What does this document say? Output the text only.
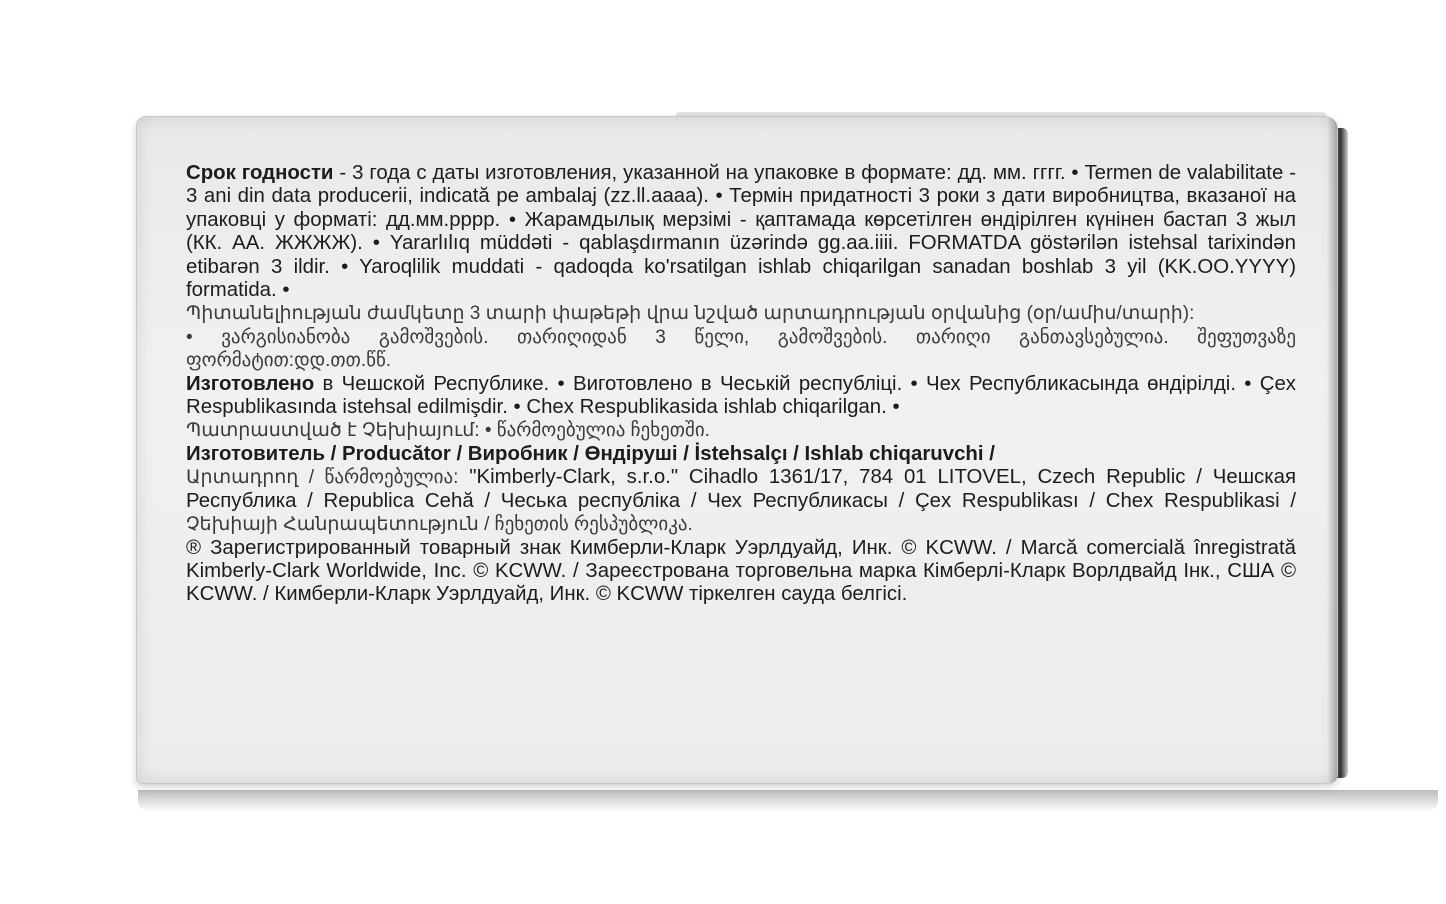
Срок годности - 3 года с даты изготовления, указанной на упаковке в формате: дд. мм. гггг. • Termen de valabilitate - 3 ani din data producerii, indicată pe ambalaj (zz.ll.aaaa). • Термін придатності 3 роки з дати виробництва, вказаної на упаковці у форматі: дд.мм.рррр. • Жарамдылық мерзімі - қаптамада көрсетілген өндірілген күнінен бастап 3 жыл (КК. АА. ЖЖЖЖ). • Yararlılıq müddəti - qablaşdırmanın üzərində gg.aa.iiii. FORMATDA göstərilən istehsal tarixindən etibarən 3 ildir. • Yaroqlilik muddati - qadoqda ko'rsatilgan ishlab chiqarilgan sanadan boshlab 3 yil (KK.OO.YYYY) formatida. •

Պիտանելիության ժամկետը 3 տարի փաթեթի վրա նշված արտադրության օրվանից (օր/ամիս/տարի):

• ვარგისიანობა გამოშვების. თარიღიდან 3 წელი, გამოშვების. თარიღი განთავსებულია. შეფუთვაზე ფორმატით:დდ.თთ.წწ.

Изготовлено в Чешской Республике. • Виготовлено в Чеській республіці. • Чех Республикасында өндірілді. • Çex Respublikasında istehsal edilmişdir. • Chex Respublikasida ishlab chiqarilgan. •

Պատրաստված է Չեխիայում: • წარმოებულია ჩეხეთში.

Изготовитель / Producător / Виробник / Өндіруші / İstehsalçı / Ishlab chiqaruvchi /

Արտադրող / წარმოებულია: "Kimberly-Clark, s.r.o." Cihadlo 1361/17, 784 01 LITOVEL, Czech Republic / Чешская Республика / Republica Cehă / Чеська республіка / Чех Республикасы / Çex Respublikası / Chex Respublikasi / Չեխիայի Հանրապետություն / ჩეხეთის რესპუბლიკა.

® Зарегистрированный товарный знак Кимберли-Кларк Уэрлдуайд, Инк. © KCWW. / Marcă comercială înregistrată Kimberly-Clark Worldwide, Inc. © KCWW. / Зареєстрована торговельна марка Кімберлі-Кларк Ворлдвайд Інк., США © KCWW. / Кимберли-Кларк Уэрлдуайд, Инк. © KCWW тіркелген сауда белгісі.
